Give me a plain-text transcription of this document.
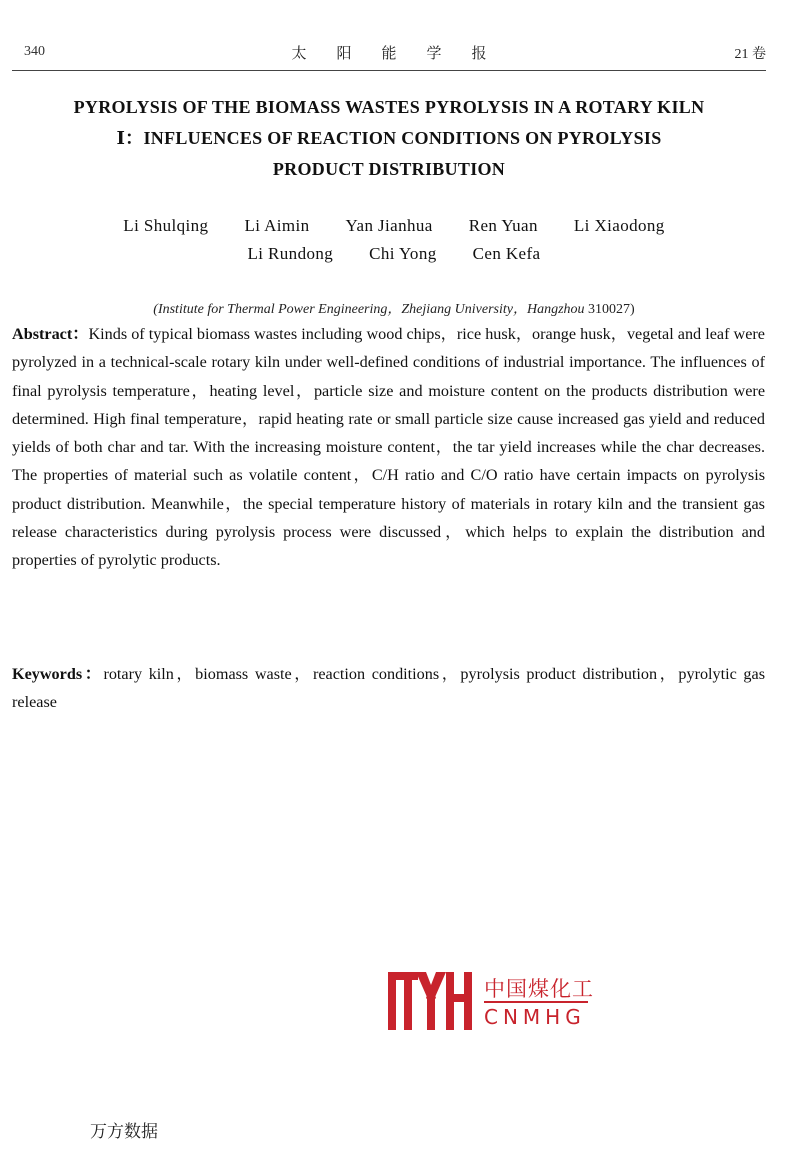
340	太阳能学报	21 卷
PYROLYSIS OF THE BIOMASS WASTES PYROLYSIS IN A ROTARY KILN
Ⅰ：INFLUENCES OF REACTION CONDITIONS ON PYROLYSIS
PRODUCT DISTRIBUTION
Li Shulqing Li Aimin Yan Jianhua Ren Yuan Li Xiaodong
Li Rundong Chi Yong Cen Kefa
(Institute for Thermal Power Engineering，Zhejiang University，Hangzhou 310027)

Abstract：Kinds of typical biomass wastes including wood chips，rice husk，orange husk，vegetal and leaf were pyrolyzed in a technical-scale rotary kiln under well-defined conditions of industrial importance. The influences of final pyrolysis temperature，heating level，particle size and moisture content on the products distribution were determined. High final temperature，rapid heating rate or small particle size cause increased gas yield and reduced yields of both char and tar. With the increasing moisture content，the tar yield increases while the char decreases. The properties of material such as volatile content，C/H ratio and C/O ratio have certain impacts on pyrolysis product distribution. Meanwhile，the special temperature history of materials in rotary kiln and the transient gas release characteristics during pyrolysis process were discussed，which helps to explain the distribution and properties of pyrolytic products.

Keywords：rotary kiln，biomass waste，reaction conditions，pyrolysis product distribution，pyrolytic gas release

中国煤化工
CNMHG
万方数据
